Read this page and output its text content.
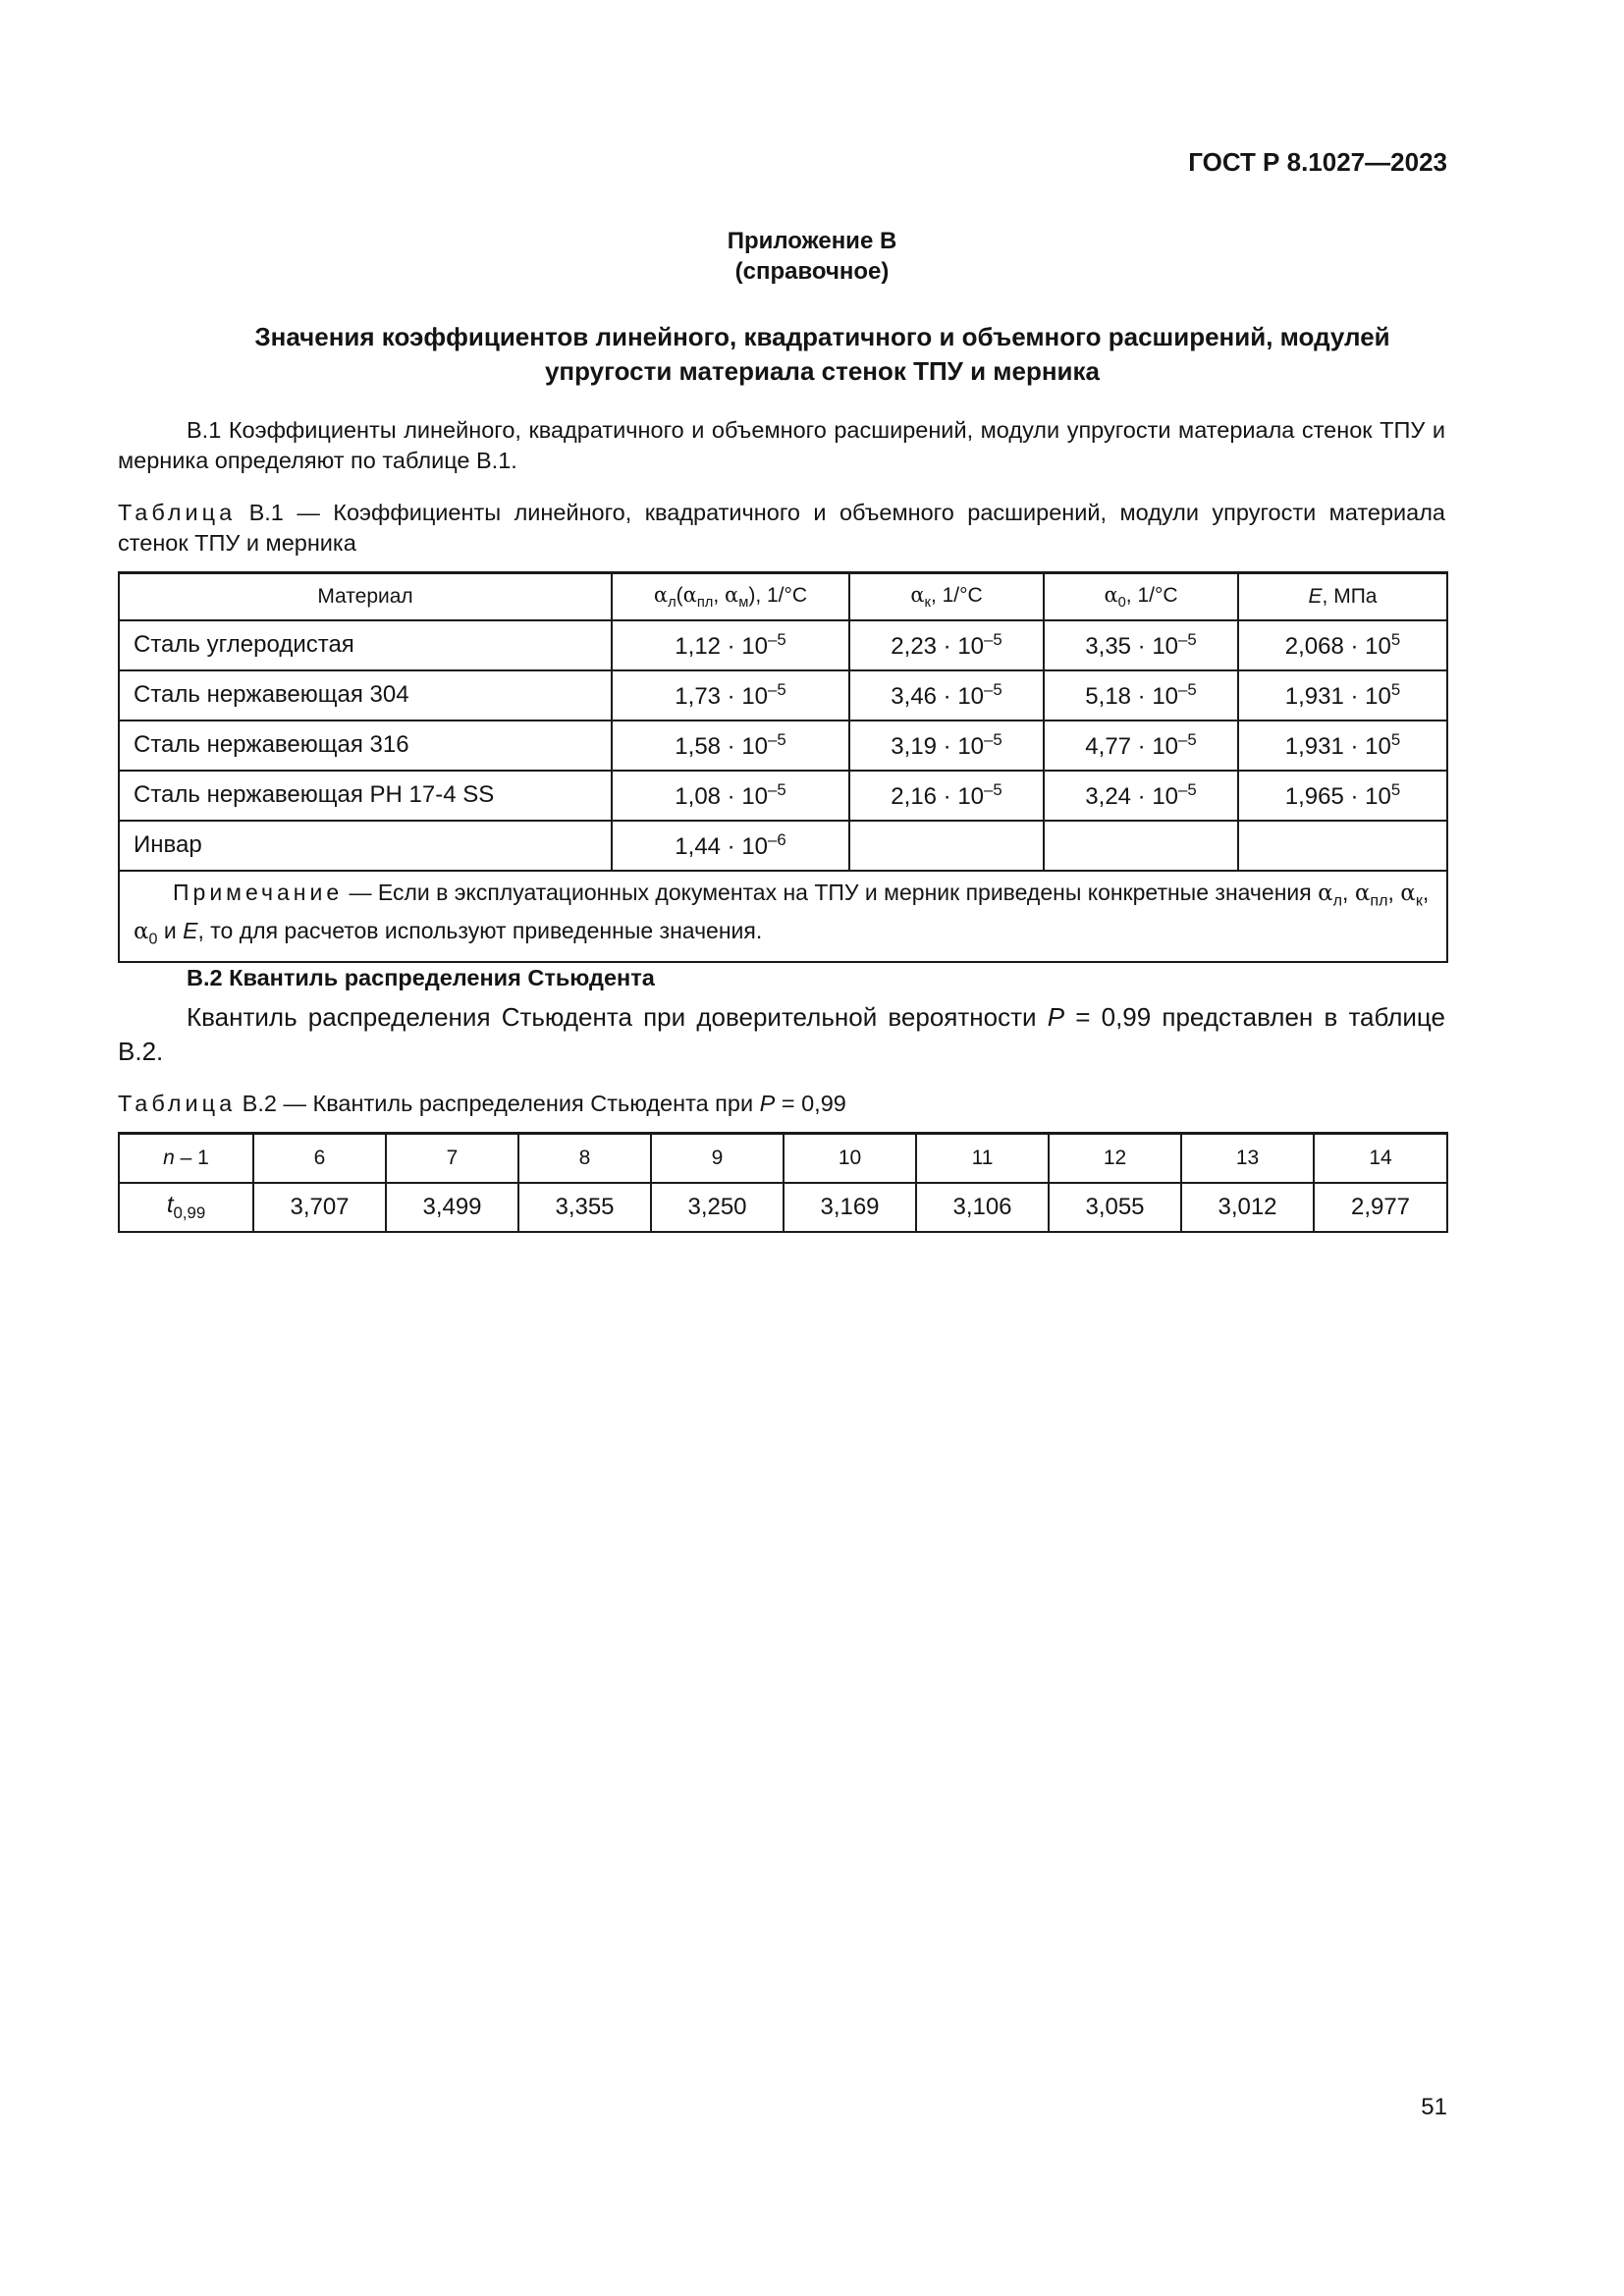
ГОСТ Р 8.1027—2023
Приложение В
(справочное)
Значения коэффициентов линейного, квадратичного и объемного расширений, модулей
упругости материала стенок ТПУ и мерника
В.1 Коэффициенты линейного, квадратичного и объемного расширений, модули упругости материала стенок ТПУ и мерника определяют по таблице В.1.
Таблица В.1 — Коэффициенты линейного, квадратичного и объемного расширений, модули упругости материала стенок ТПУ и мерника
Материал	$\alpha_л(\alpha_{пл}$, $\alpha_м$), 1/°C	$\alpha_к$, 1/°C	$\alpha_0$, 1/°C	E, МПа
Сталь углеродистая	$1,12 \cdot 10^{-5}$	$2,23 \cdot 10^{-5}$	$3,35 \cdot 10^{-5}$	$2,068 \cdot 10^5$
Сталь нержавеющая 304	$1,73 \cdot 10^{-5}$	$3,46 \cdot 10^{-5}$	$5,18 \cdot 10^{-5}$	$1,931 \cdot 10^5$
Сталь нержавеющая 316	$1,58 \cdot 10^{-5}$	$3,19 \cdot 10^{-5}$	$4,77 \cdot 10^{-5}$	$1,931 \cdot 10^5$
Сталь нержавеющая PH 17-4 SS	$1,08 \cdot 10^{-5}$	$2,16 \cdot 10^{-5}$	$3,24 \cdot 10^{-5}$	$1,965 \cdot 10^5$
Инвар	$1,44 \cdot 10^{-6}$			
Примечание — Если в эксплуатационных документах на ТПУ и мерник приведены конкретные значения $\alpha_л$, $\alpha_{пл}$, $\alpha_к$, $\alpha_0$ и E, то для расчетов используют приведенные значения.				
В.2 Квантиль распределения Стьюдента
Квантиль распределения Стьюдента при доверительной вероятности P = 0,99 представлен в таблице В.2.
Таблица В.2 — Квантиль распределения Стьюдента при P = 0,99
n – 1	6	7	8	9	10	11	12	13	14
$t_{0,99}$	3,707	3,499	3,355	3,250	3,169	3,106	3,055	3,012	2,977
51
